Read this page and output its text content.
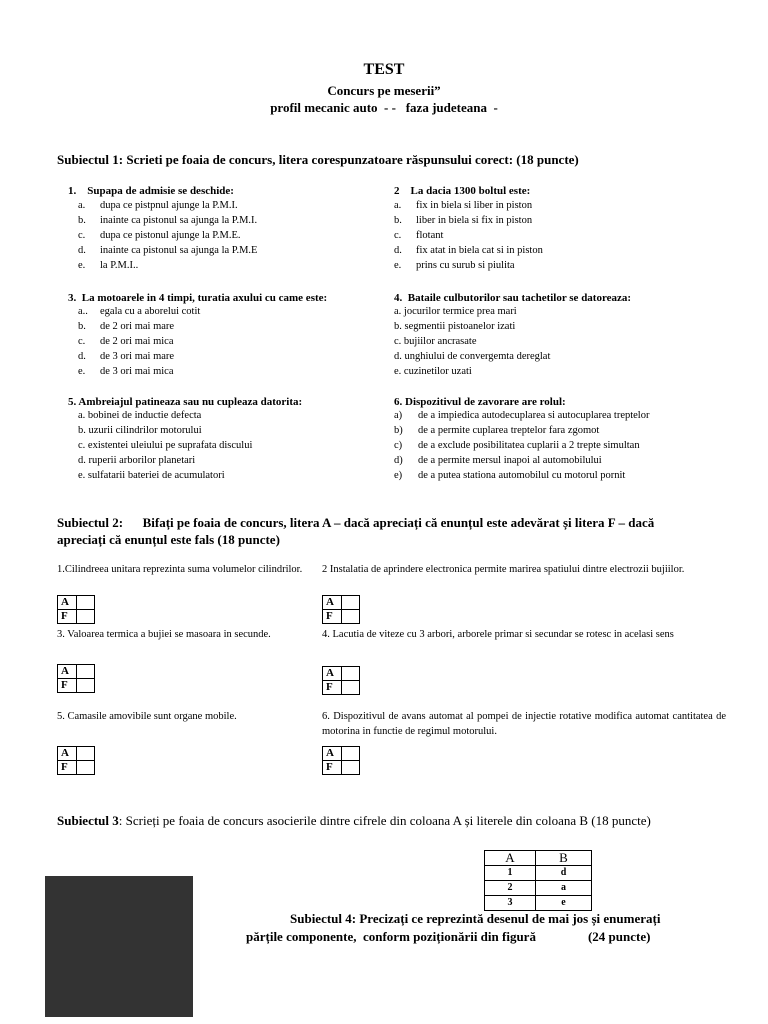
TEST
Concurs pe meserii”
profil mecanic auto  - -   faza judeteana  -
Subiectul 1: Scrieti pe foaia de concurs, litera corespunzatoare răspunsului corect: (18 puncte)
1.    Supapa de admisie se deschide:
a. dupa ce pistpnul ajunge la P.M.I.
b. inainte ca pistonul sa ajunga la P.M.I.
c. dupa ce pistonul ajunge la P.M.E.
d. inainte ca pistonul sa ajunga la P.M.E
e. la P.M.I..
2    La dacia 1300 boltul este:
a. fix in biela si liber in piston
b. liber in biela si fix in piston
c. flotant
d. fix atat in biela cat si in piston
e. prins cu surub si piulita
3.  La motoarele in 4 timpi, turatia axului cu came este:
a.. egala cu a aborelui cotit
b. de 2 ori mai mare
c. de 2 ori mai mica
d. de 3 ori mai mare
e. de 3 ori mai mica
4.  Bataile culbutorilor sau tachetilor se datoreaza:
a. jocurilor termice prea mari
b. segmentii pistoanelor izati
c. bujiilor ancrasate
d. unghiului de convergemta dereglat
e. cuzinetilor uzati
5. Ambreiajul patineaza sau nu cupleaza datorita:
a. bobinei de inductie defecta
b. uzurii cilindrilor motorului
c. existentei uleiului pe suprafata discului
d. ruperii arborilor planetari
e. sulfatarii bateriei de acumulatori
6. Dispozitivul de zavorare are rolul:
a) de a impiedica autodecuplarea si autocuplarea treptelor
b) de a permite cuplarea treptelor fara zgomot
c) de a exclude posibilitatea cuplarii a 2 trepte simultan
d) de a permite mersul inapoi al automobilului
e) de a putea stationa automobilul cu motorul pornit
Subiectul 2:      Bifați pe foaia de concurs, litera A – dacă apreciați că enunțul este adevărat și litera F – dacă
apreciați că enunțul este fals (18 puncte)
1.Cilindreea unitara reprezinta suma volumelor cilindrilor.
A	
F	
2 Instalatia de aprindere electronica permite marirea spatiului dintre electrozii bujiilor.
A	
F	
3. Valoarea termica a bujiei se masoara in secunde.
A	
F	
4. Lacutia de viteze cu 3 arbori, arborele primar si secundar se rotesc in acelasi sens
A	
F	
5. Camasile amovibile sunt organe mobile.
A	
F	
6. Dispozitivul de avans automat al pompei de injectie rotative modifica automat cantitatea de motorina in functie de regimul motorului.
A	
F	
Subiectul 3: Scrieți pe foaia de concurs asocierile dintre cifrele din coloana A și literele din coloana B (18 puncte)
A	B
1	d
2	a
3	e
Subiectul 4: Precizați ce reprezintă desenul de mai jos și enumerați
părțile componente,  conform poziționării din figură                (24 puncte)
